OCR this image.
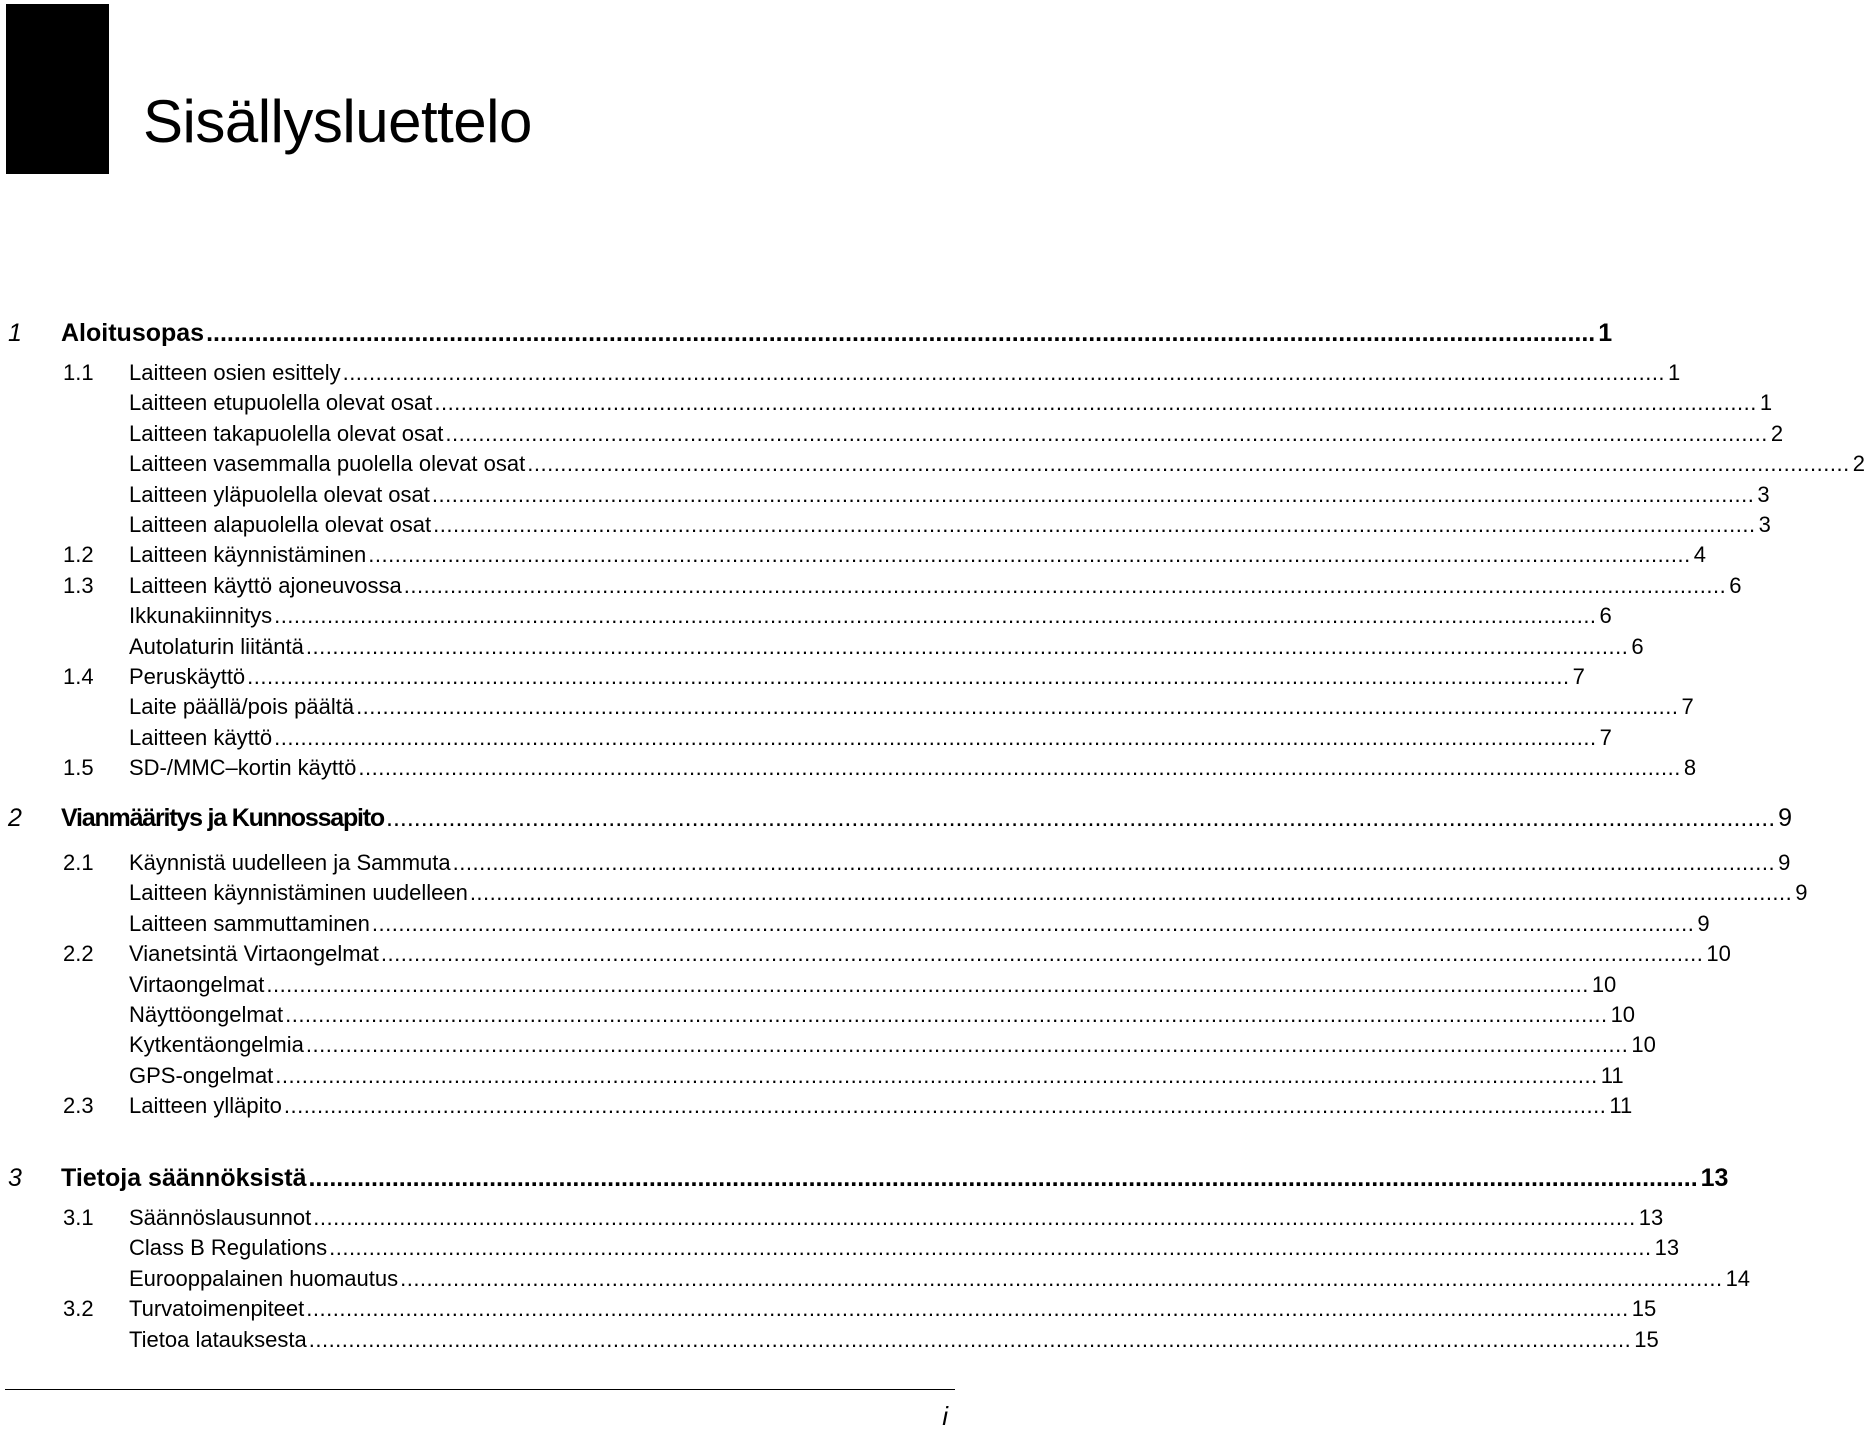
Sisällysluettelo
1 Aloitusopas ........................................................................................................................................................................................................ 1
1.1 Laitteen osien esittely ........................................................................................................................................................................................................ 1
Laitteen etupuolella olevat osat ........................................................................................................................................................................................................ 1
Laitteen takapuolella olevat osat ........................................................................................................................................................................................................ 2
Laitteen vasemmalla puolella olevat osat ........................................................................................................................................................................................................ 2
Laitteen yläpuolella olevat osat ........................................................................................................................................................................................................ 3
Laitteen alapuolella olevat osat ........................................................................................................................................................................................................ 3
1.2 Laitteen käynnistäminen ........................................................................................................................................................................................................ 4
1.3 Laitteen käyttö ajoneuvossa ........................................................................................................................................................................................................ 6
Ikkunakiinnitys ........................................................................................................................................................................................................ 6
Autolaturin liitäntä ........................................................................................................................................................................................................ 6
1.4 Peruskäyttö ........................................................................................................................................................................................................ 7
Laite päällä/pois päältä ........................................................................................................................................................................................................ 7
Laitteen käyttö ........................................................................................................................................................................................................ 7
1.5 SD-/MMC–kortin käyttö ........................................................................................................................................................................................................ 8
2 Vianmääritys ja Kunnossapito ........................................................................................................................................................................................................ 9
2.1 Käynnistä uudelleen ja Sammuta ........................................................................................................................................................................................................ 9
Laitteen käynnistäminen uudelleen ........................................................................................................................................................................................................ 9
Laitteen sammuttaminen ........................................................................................................................................................................................................ 9
2.2 Vianetsintä Virtaongelmat ........................................................................................................................................................................................................ 10
Virtaongelmat ........................................................................................................................................................................................................ 10
Näyttöongelmat ........................................................................................................................................................................................................ 10
Kytkentäongelmia ........................................................................................................................................................................................................ 10
GPS-ongelmat ........................................................................................................................................................................................................ 11
2.3 Laitteen ylläpito ........................................................................................................................................................................................................ 11
3 Tietoja säännöksistä ........................................................................................................................................................................................................ 13
3.1 Säännöslausunnot ........................................................................................................................................................................................................ 13
Class B Regulations ........................................................................................................................................................................................................ 13
Eurooppalainen huomautus ........................................................................................................................................................................................................ 14
3.2 Turvatoimenpiteet ........................................................................................................................................................................................................ 15
Tietoa latauksesta ........................................................................................................................................................................................................ 15
i
